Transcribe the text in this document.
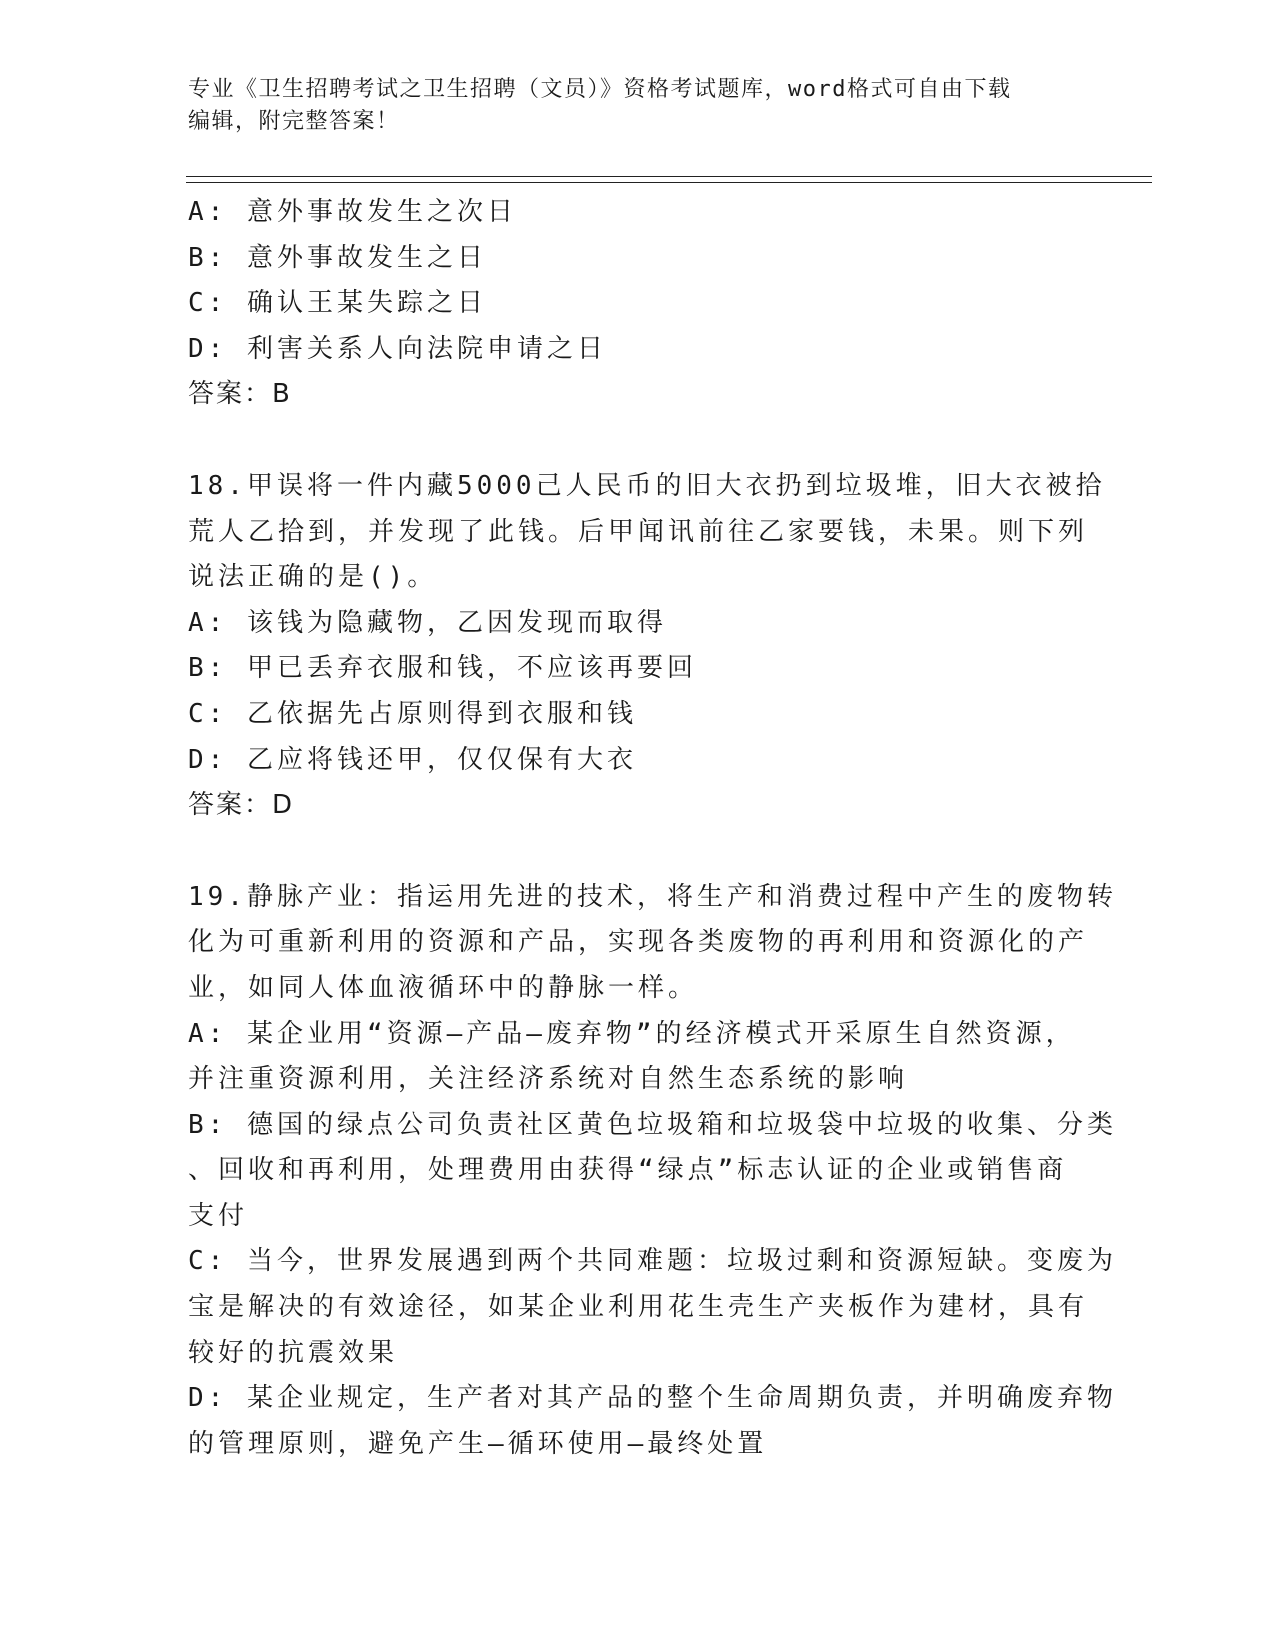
专业《卫生招聘考试之卫生招聘（文员）》资格考试题库，word格式可自由下载
编辑，附完整答案！
A: 意外事故发生之次日
B: 意外事故发生之日
C: 确认王某失踪之日
D: 利害关系人向法院申请之日
答案：B
18.甲误将一件内藏5000己人民币的旧大衣扔到垃圾堆，旧大衣被拾
荒人乙拾到，并发现了此钱。后甲闻讯前往乙家要钱，未果。则下列
说法正确的是()。
A: 该钱为隐藏物，乙因发现而取得
B: 甲已丢弃衣服和钱，不应该再要回
C: 乙依据先占原则得到衣服和钱
D: 乙应将钱还甲，仅仅保有大衣
答案：D
19.静脉产业：指运用先进的技术，将生产和消费过程中产生的废物转
化为可重新利用的资源和产品，实现各类废物的再利用和资源化的产
业，如同人体血液循环中的静脉一样。
A: 某企业用“资源—产品—废弃物”的经济模式开采原生自然资源，
并注重资源利用，关注经济系统对自然生态系统的影响
B: 德国的绿点公司负责社区黄色垃圾箱和垃圾袋中垃圾的收集、分类
、回收和再利用，处理费用由获得“绿点”标志认证的企业或销售商
支付
C: 当今，世界发展遇到两个共同难题：垃圾过剩和资源短缺。变废为
宝是解决的有效途径，如某企业利用花生壳生产夹板作为建材，具有
较好的抗震效果
D: 某企业规定，生产者对其产品的整个生命周期负责，并明确废弃物
的管理原则，避免产生—循环使用—最终处置
